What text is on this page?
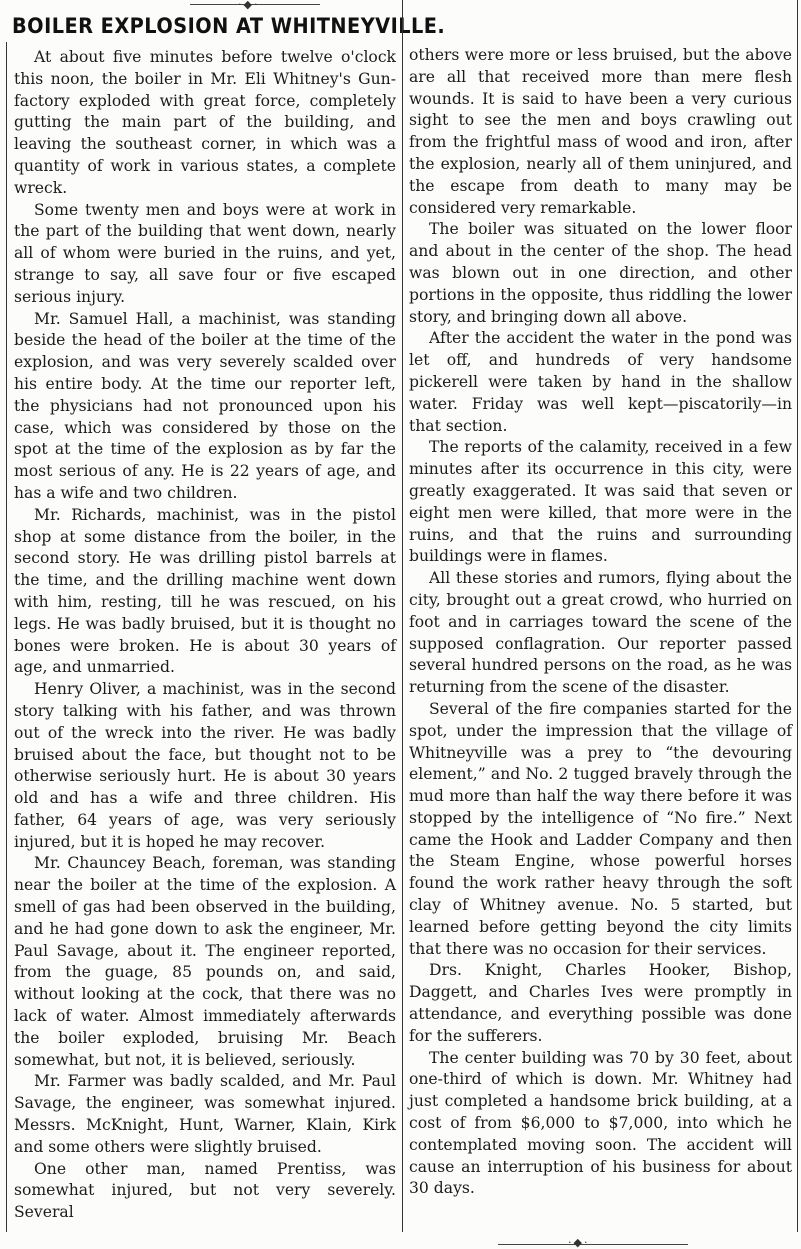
·◆·
BOILER EXPLOSION AT WHITNEYVILLE.

At about five minutes before twelve o'clock this noon, the boiler in Mr. Eli Whitney's Gun-factory exploded with great force, completely gutting the main part of the building, and leaving the southeast corner, in which was a quantity of work in various states, a complete wreck.

Some twenty men and boys were at work in the part of the building that went down, nearly all of whom were buried in the ruins, and yet, strange to say, all save four or five escaped serious injury.

Mr. Samuel Hall, a machinist, was standing beside the head of the boiler at the time of the explosion, and was very severely scalded over his entire body. At the time our reporter left, the physicians had not pronounced upon his case, which was considered by those on the spot at the time of the explosion as by far the most serious of any. He is 22 years of age, and has a wife and two children.

Mr. Richards, machinist, was in the pistol shop at some distance from the boiler, in the second story. He was drilling pistol barrels at the time, and the drilling machine went down with him, resting, till he was rescued, on his legs. He was badly bruised, but it is thought no bones were broken. He is about 30 years of age, and unmarried.

Henry Oliver, a machinist, was in the second story talking with his father, and was thrown out of the wreck into the river. He was badly bruised about the face, but thought not to be otherwise seriously hurt. He is about 30 years old and has a wife and three children. His father, 64 years of age, was very seriously injured, but it is hoped he may recover.

Mr. Chauncey Beach, foreman, was standing near the boiler at the time of the explosion. A smell of gas had been observed in the building, and he had gone down to ask the engineer, Mr. Paul Savage, about it. The engineer reported, from the guage, 85 pounds on, and said, without looking at the cock, that there was no lack of water. Almost immediately afterwards the boiler exploded, bruising Mr. Beach somewhat, but not, it is believed, seriously.

Mr. Farmer was badly scalded, and Mr. Paul Savage, the engineer, was somewhat injured. Messrs. McKnight, Hunt, Warner, Klain, Kirk and some others were slightly bruised.

One other man, named Prentiss, was somewhat injured, but not very severely. Several

others were more or less bruised, but the above are all that received more than mere flesh wounds. It is said to have been a very curious sight to see the men and boys crawling out from the frightful mass of wood and iron, after the explosion, nearly all of them uninjured, and the escape from death to many may be considered very remarkable.

The boiler was situated on the lower floor and about in the center of the shop. The head was blown out in one direction, and other portions in the opposite, thus riddling the lower story, and bringing down all above.

After the accident the water in the pond was let off, and hundreds of very handsome pickerell were taken by hand in the shallow water. Friday was well kept—piscatorily—in that section.

The reports of the calamity, received in a few minutes after its occurrence in this city, were greatly exaggerated. It was said that seven or eight men were killed, that more were in the ruins, and that the ruins and surrounding buildings were in flames.

All these stories and rumors, flying about the city, brought out a great crowd, who hurried on foot and in carriages toward the scene of the supposed conflagration. Our reporter passed several hundred persons on the road, as he was returning from the scene of the disaster.

Several of the fire companies started for the spot, under the impression that the village of Whitneyville was a prey to “the devouring element,” and No. 2 tugged bravely through the mud more than half the way there before it was stopped by the intelligence of “No fire.” Next came the Hook and Ladder Company and then the Steam Engine, whose powerful horses found the work rather heavy through the soft clay of Whitney avenue. No. 5 started, but learned before getting beyond the city limits that there was no occasion for their services.

Drs. Knight, Charles Hooker, Bishop, Daggett, and Charles Ives were promptly in attendance, and everything possible was done for the sufferers.

The center building was 70 by 30 feet, about one-third of which is down. Mr. Whitney had just completed a handsome brick building, at a cost of from $6,000 to $7,000, into which he contemplated moving soon. The accident will cause an interruption of his business for about 30 days.

·◆·
